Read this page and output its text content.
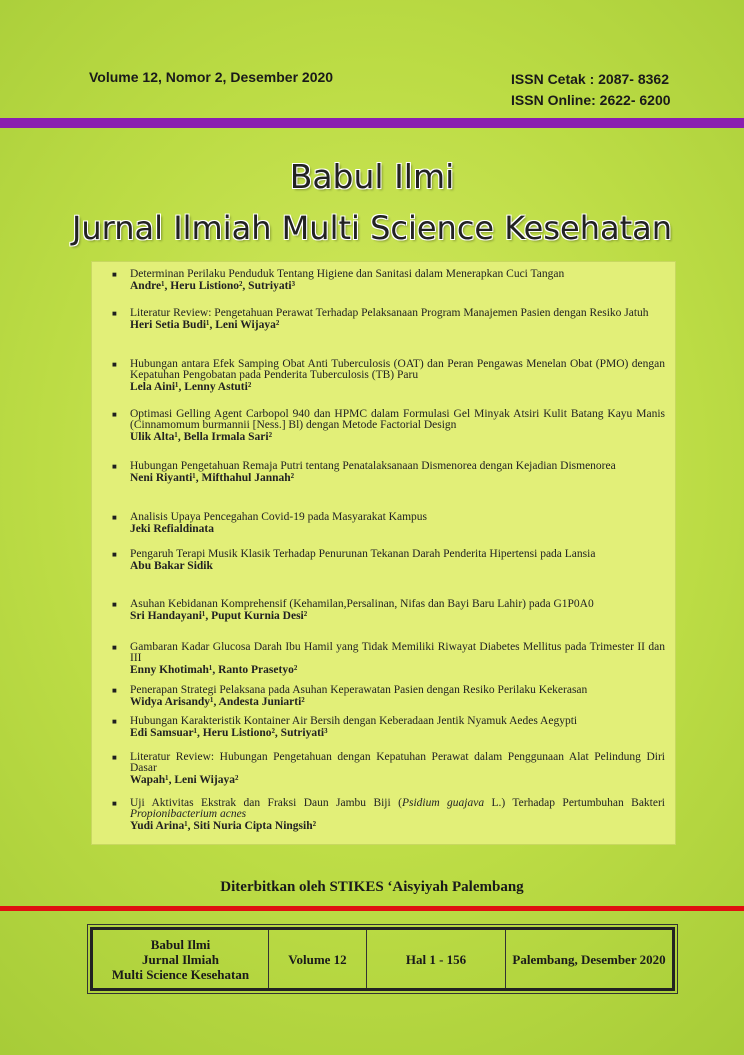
Volume 12, Nomor 2, Desember 2020	ISSN Cetak : 2087- 8362
ISSN Online: 2622- 6200
Babul Ilmi
Jurnal Ilmiah Multi Science Kesehatan
■ Determinan Perilaku Penduduk Tentang Higiene dan Sanitasi dalam Menerapkan Cuci Tangan
Andre¹, Heru Listiono², Sutriyati³
■ Literatur Review: Pengetahuan Perawat Terhadap Pelaksanaan Program Manajemen Pasien dengan Resiko Jatuh
Heri Setia Budi¹, Leni Wijaya²
■ Hubungan antara Efek Samping Obat Anti Tuberculosis (OAT) dan Peran Pengawas Menelan Obat (PMO) dengan Kepatuhan Pengobatan pada Penderita Tuberculosis (TB) Paru
Lela Aini¹, Lenny Astuti²
■ Optimasi Gelling Agent Carbopol 940 dan HPMC dalam Formulasi Gel Minyak Atsiri Kulit Batang Kayu Manis (Cinnamomum burmannii [Ness.] Bl) dengan Metode Factorial Design
Ulik Alta¹, Bella Irmala Sari²
■ Hubungan Pengetahuan Remaja Putri tentang Penatalaksanaan Dismenorea dengan Kejadian Dismenorea
Neni Riyanti¹, Mifthahul Jannah²
■ Analisis Upaya Pencegahan Covid-19 pada Masyarakat Kampus
Jeki Refialdinata
■ Pengaruh Terapi Musik Klasik Terhadap Penurunan Tekanan Darah Penderita Hipertensi pada Lansia
Abu Bakar Sidik
■ Asuhan Kebidanan Komprehensif (Kehamilan,Persalinan, Nifas dan Bayi Baru Lahir) pada G1P0A0
Sri Handayani¹, Puput Kurnia Desi²
■ Gambaran Kadar Glucosa Darah Ibu Hamil yang Tidak Memiliki Riwayat Diabetes Mellitus pada Trimester II dan III
Enny Khotimah¹, Ranto Prasetyo²
■ Penerapan Strategi Pelaksana pada Asuhan Keperawatan Pasien dengan Resiko Perilaku Kekerasan
Widya Arisandy¹, Andesta Juniarti²
■ Hubungan Karakteristik Kontainer Air Bersih dengan Keberadaan Jentik Nyamuk Aedes Aegypti
Edi Samsuar¹, Heru Listiono², Sutriyati³
■ Literatur Review: Hubungan Pengetahuan dengan Kepatuhan Perawat dalam Penggunaan Alat Pelindung Diri Dasar
Wapah¹, Leni Wijaya²
■ Uji Aktivitas Ekstrak dan Fraksi Daun Jambu Biji (Psidium guajava L.) Terhadap Pertumbuhan Bakteri Propionibacterium acnes
Yudi Arina¹, Siti Nuria Cipta Ningsih²
Diterbitkan oleh STIKES ‘Aisyiyah Palembang
Babul Ilmi
Jurnal Ilmiah
Multi Science Kesehatan
Volume 12	Hal 1 - 156	Palembang, Desember 2020
